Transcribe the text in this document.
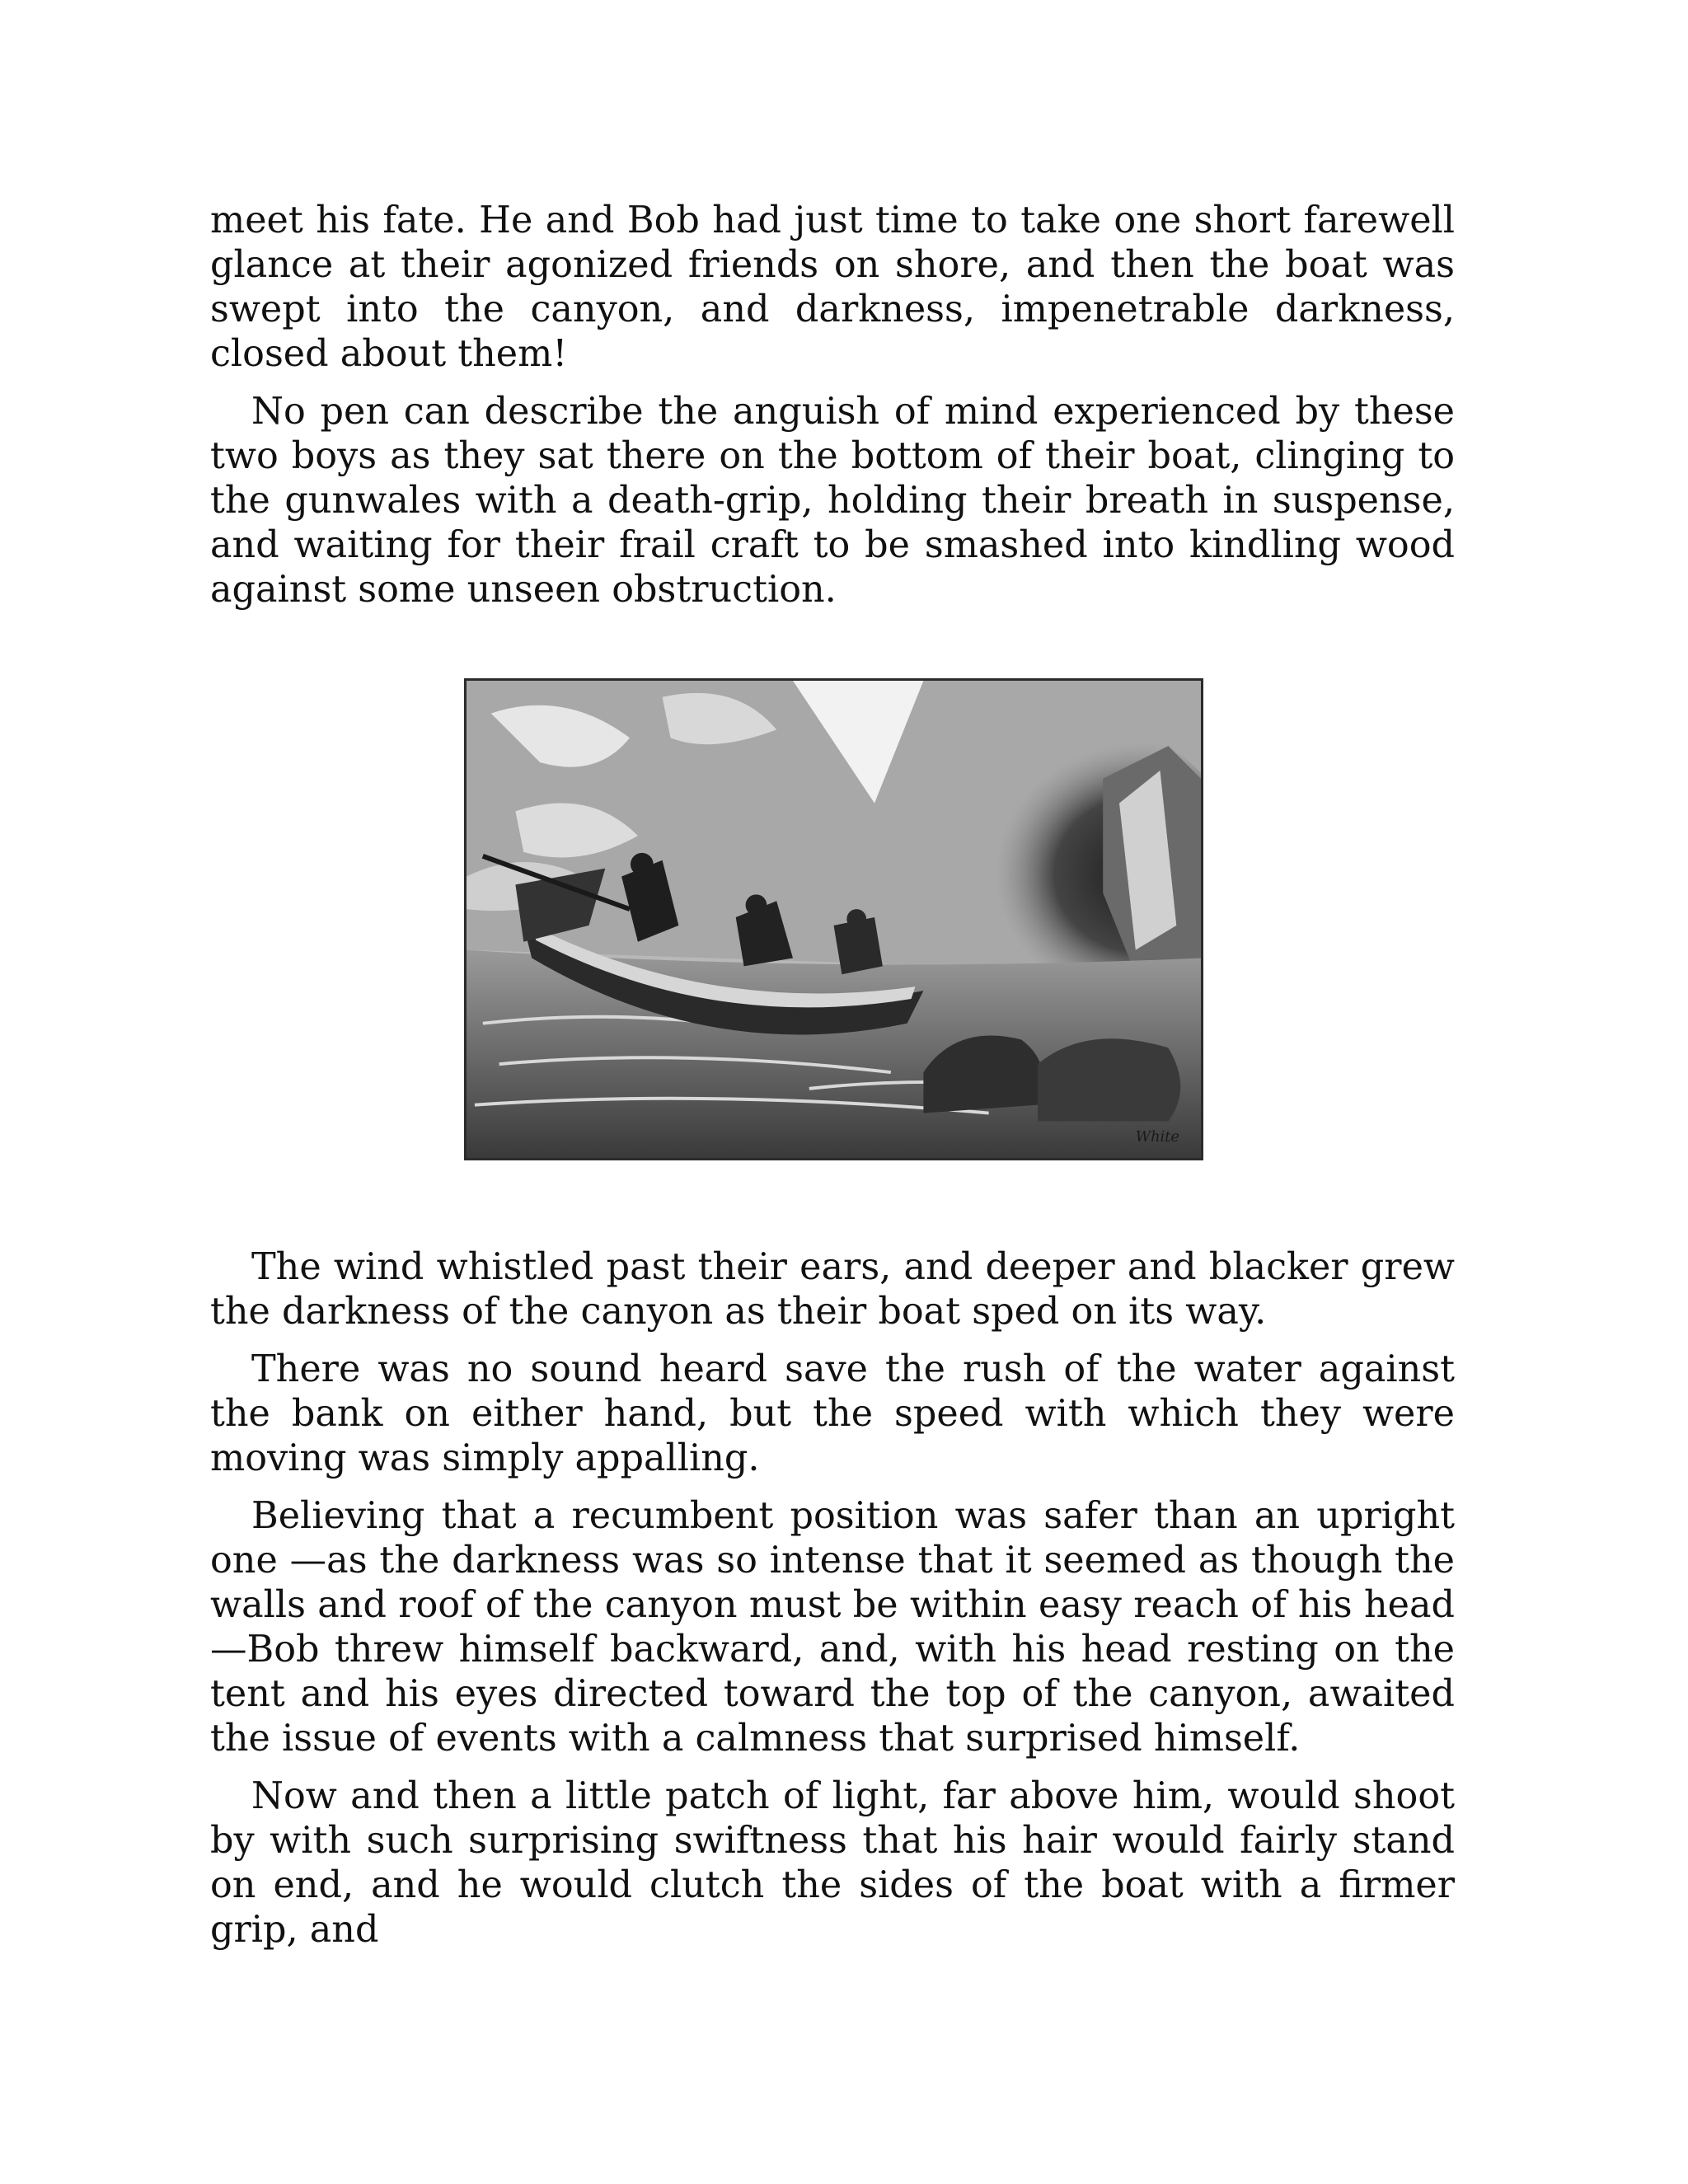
meet his fate. He and Bob had just time to take one short farewell glance at their agonized friends on shore, and then the boat was swept into the canyon, and darkness, impenetrable darkness, closed about them!

No pen can describe the anguish of mind experienced by these two boys as they sat there on the bottom of their boat, clinging to the gunwales with a death-grip, holding their breath in suspense, and waiting for their frail craft to be smashed into kindling wood against some unseen obstruction.

White

The wind whistled past their ears, and deeper and blacker grew the darkness of the canyon as their boat sped on its way.

There was no sound heard save the rush of the water against the bank on either hand, but the speed with which they were moving was simply appalling.

Believing that a recumbent position was safer than an upright one —as the darkness was so intense that it seemed as though the walls and roof of the canyon must be within easy reach of his head—Bob threw himself backward, and, with his head resting on the tent and his eyes directed toward the top of the canyon, awaited the issue of events with a calmness that surprised himself.

Now and then a little patch of light, far above him, would shoot by with such surprising swiftness that his hair would fairly stand on end, and he would clutch the sides of the boat with a firmer grip, and
